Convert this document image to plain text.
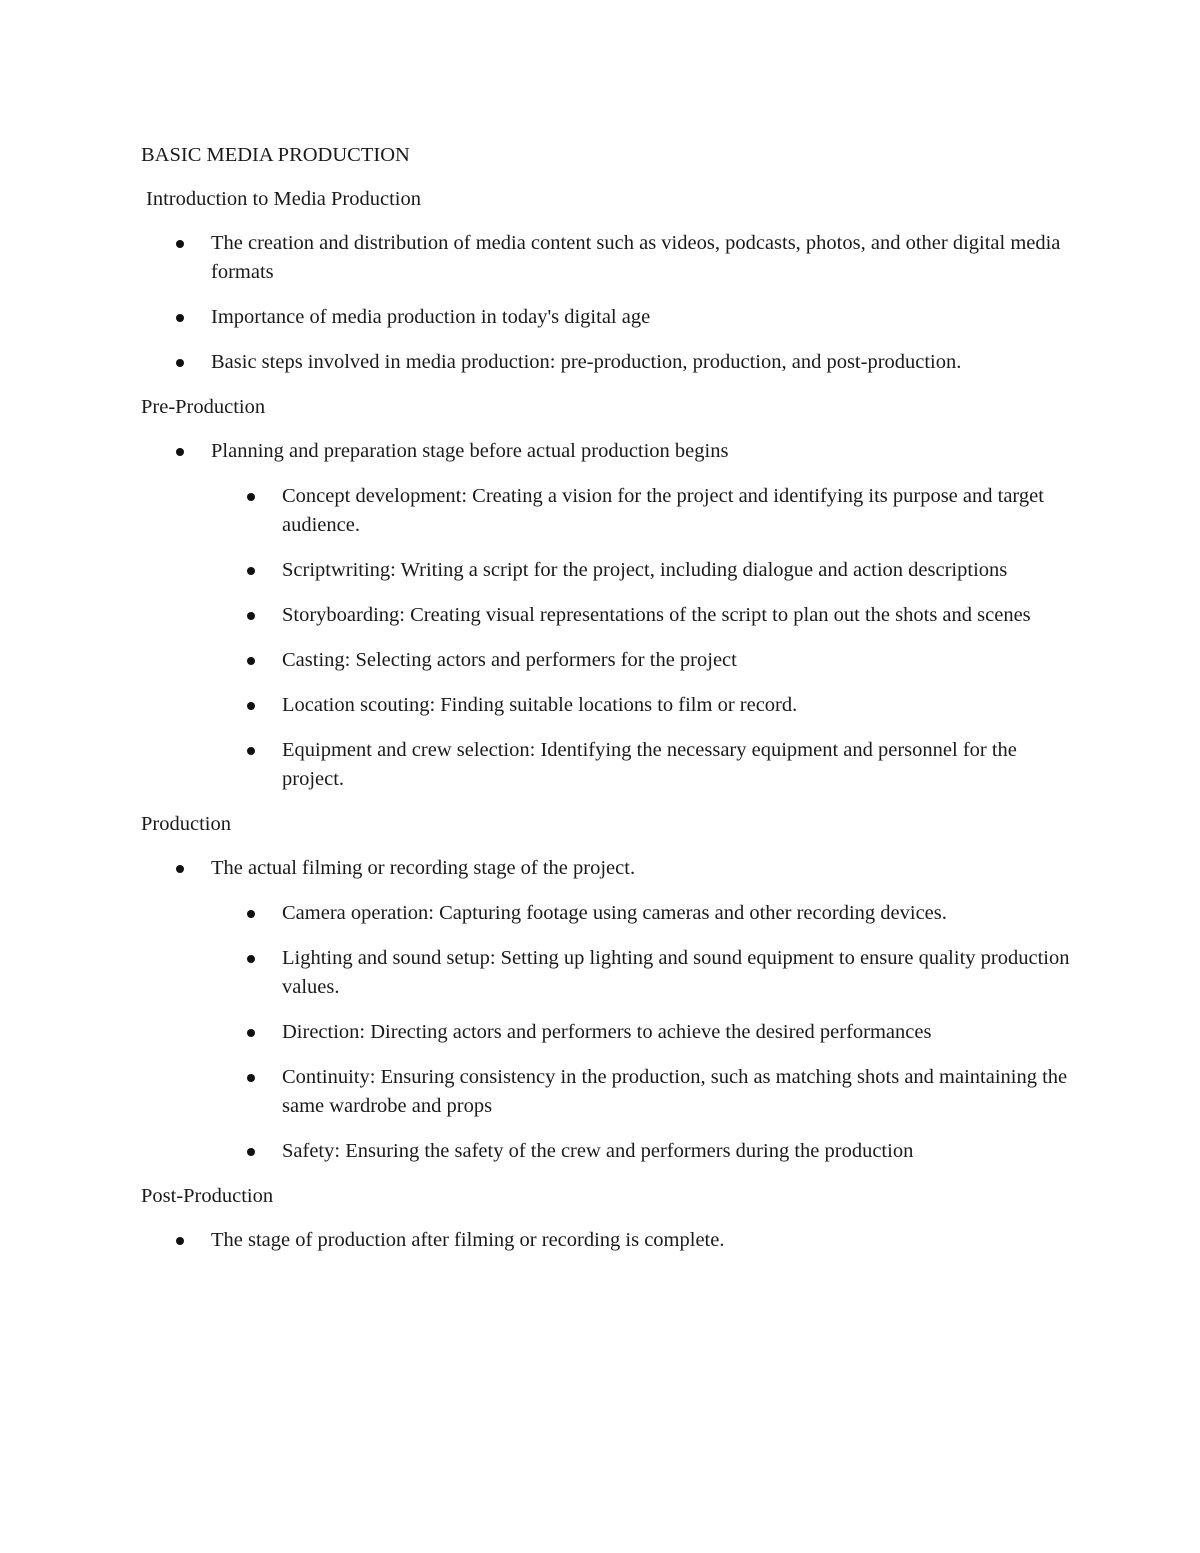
BASIC MEDIA PRODUCTION
Introduction to Media Production
The creation and distribution of media content such as videos, podcasts, photos, and other digital media formats
Importance of media production in today's digital age
Basic steps involved in media production: pre-production, production, and post-production.
Pre-Production
Planning and preparation stage before actual production begins
Concept development: Creating a vision for the project and identifying its purpose and target audience.
Scriptwriting: Writing a script for the project, including dialogue and action descriptions
Storyboarding: Creating visual representations of the script to plan out the shots and scenes
Casting: Selecting actors and performers for the project
Location scouting: Finding suitable locations to film or record.
Equipment and crew selection: Identifying the necessary equipment and personnel for the project.
Production
The actual filming or recording stage of the project.
Camera operation: Capturing footage using cameras and other recording devices.
Lighting and sound setup: Setting up lighting and sound equipment to ensure quality production values.
Direction: Directing actors and performers to achieve the desired performances
Continuity: Ensuring consistency in the production, such as matching shots and maintaining the same wardrobe and props
Safety: Ensuring the safety of the crew and performers during the production
Post-Production
The stage of production after filming or recording is complete.
